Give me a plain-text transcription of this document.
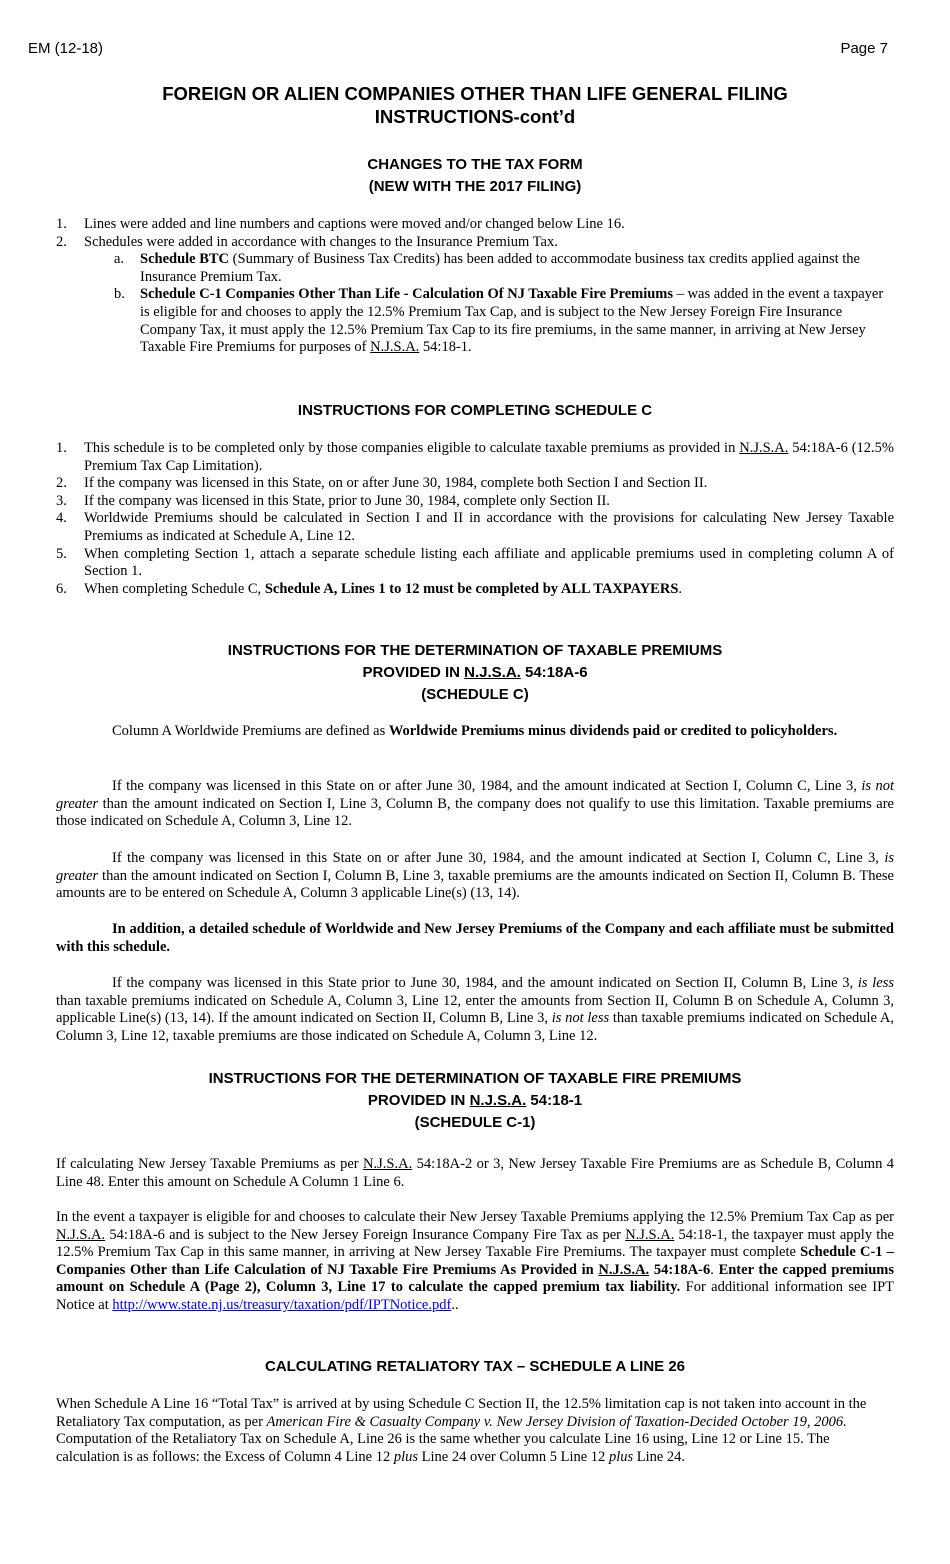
EM (12-18)	Page 7
FOREIGN OR ALIEN COMPANIES OTHER THAN LIFE GENERAL FILING
INSTRUCTIONS-cont’d
CHANGES TO THE TAX FORM
(NEW WITH THE 2017 FILING)
1. Lines were added and line numbers and captions were moved and/or changed below Line 16.
2. Schedules were added in accordance with changes to the Insurance Premium Tax.
a. Schedule BTC (Summary of Business Tax Credits) has been added to accommodate business tax credits applied against the Insurance Premium Tax.
b. Schedule C-1 Companies Other Than Life - Calculation Of NJ Taxable Fire Premiums – was added in the event a taxpayer is eligible for and chooses to apply the 12.5% Premium Tax Cap, and is subject to the New Jersey Foreign Fire Insurance Company Tax, it must apply the 12.5% Premium Tax Cap to its fire premiums, in the same manner, in arriving at New Jersey Taxable Fire Premiums for purposes of N.J.S.A. 54:18-1.
INSTRUCTIONS FOR COMPLETING SCHEDULE C
1. This schedule is to be completed only by those companies eligible to calculate taxable premiums as provided in N.J.S.A. 54:18A-6 (12.5% Premium Tax Cap Limitation).
2. If the company was licensed in this State, on or after June 30, 1984, complete both Section I and Section II.
3. If the company was licensed in this State, prior to June 30, 1984, complete only Section II.
4. Worldwide Premiums should be calculated in Section I and II in accordance with the provisions for calculating New Jersey Taxable Premiums as indicated at Schedule A, Line 12.
5. When completing Section 1, attach a separate schedule listing each affiliate and applicable premiums used in completing column A of Section 1.
6. When completing Schedule C, Schedule A, Lines 1 to 12 must be completed by ALL TAXPAYERS.
INSTRUCTIONS FOR THE DETERMINATION OF TAXABLE PREMIUMS
PROVIDED IN N.J.S.A. 54:18A-6
(SCHEDULE C)

Column A Worldwide Premiums are defined as Worldwide Premiums minus dividends paid or credited to policyholders.

If the company was licensed in this State on or after June 30, 1984, and the amount indicated at Section I, Column C, Line 3, is not greater than the amount indicated on Section I, Line 3, Column B, the company does not qualify to use this limitation. Taxable premiums are those indicated on Schedule A, Column 3, Line 12.

If the company was licensed in this State on or after June 30, 1984, and the amount indicated at Section I, Column C, Line 3, is greater than the amount indicated on Section I, Column B, Line 3, taxable premiums are the amounts indicated on Section II, Column B. These amounts are to be entered on Schedule A, Column 3 applicable Line(s) (13, 14).

In addition, a detailed schedule of Worldwide and New Jersey Premiums of the Company and each affiliate must be submitted with this schedule.

If the company was licensed in this State prior to June 30, 1984, and the amount indicated on Section II, Column B, Line 3, is less than taxable premiums indicated on Schedule A, Column 3, Line 12, enter the amounts from Section II, Column B on Schedule A, Column 3, applicable Line(s) (13, 14). If the amount indicated on Section II, Column B, Line 3, is not less than taxable premiums indicated on Schedule A, Column 3, Line 12, taxable premiums are those indicated on Schedule A, Column 3, Line 12.

INSTRUCTIONS FOR THE DETERMINATION OF TAXABLE FIRE PREMIUMS
PROVIDED IN N.J.S.A. 54:18-1
(SCHEDULE C-1)

If calculating New Jersey Taxable Premiums as per N.J.S.A. 54:18A-2 or 3, New Jersey Taxable Fire Premiums are as Schedule B, Column 4 Line 48. Enter this amount on Schedule A Column 1 Line 6.

In the event a taxpayer is eligible for and chooses to calculate their New Jersey Taxable Premiums applying the 12.5% Premium Tax Cap as per N.J.S.A. 54:18A-6 and is subject to the New Jersey Foreign Insurance Company Fire Tax as per N.J.S.A. 54:18-1, the taxpayer must apply the 12.5% Premium Tax Cap in this same manner, in arriving at New Jersey Taxable Fire Premiums. The taxpayer must complete Schedule C-1 – Companies Other than Life Calculation of NJ Taxable Fire Premiums As Provided in N.J.S.A. 54:18A-6. Enter the capped premiums amount on Schedule A (Page 2), Column 3, Line 17 to calculate the capped premium tax liability. For additional information see IPT Notice at http://www.state.nj.us/treasury/taxation/pdf/IPTNotice.pdf..

CALCULATING RETALIATORY TAX – SCHEDULE A LINE 26

When Schedule A Line 16 “Total Tax” is arrived at by using Schedule C Section II, the 12.5% limitation cap is not taken into account in the Retaliatory Tax computation, as per American Fire & Casualty Company v. New Jersey Division of Taxation-Decided October 19, 2006. Computation of the Retaliatory Tax on Schedule A, Line 26 is the same whether you calculate Line 16 using, Line 12 or Line 15. The calculation is as follows: the Excess of Column 4 Line 12 plus Line 24 over Column 5 Line 12 plus Line 24.
